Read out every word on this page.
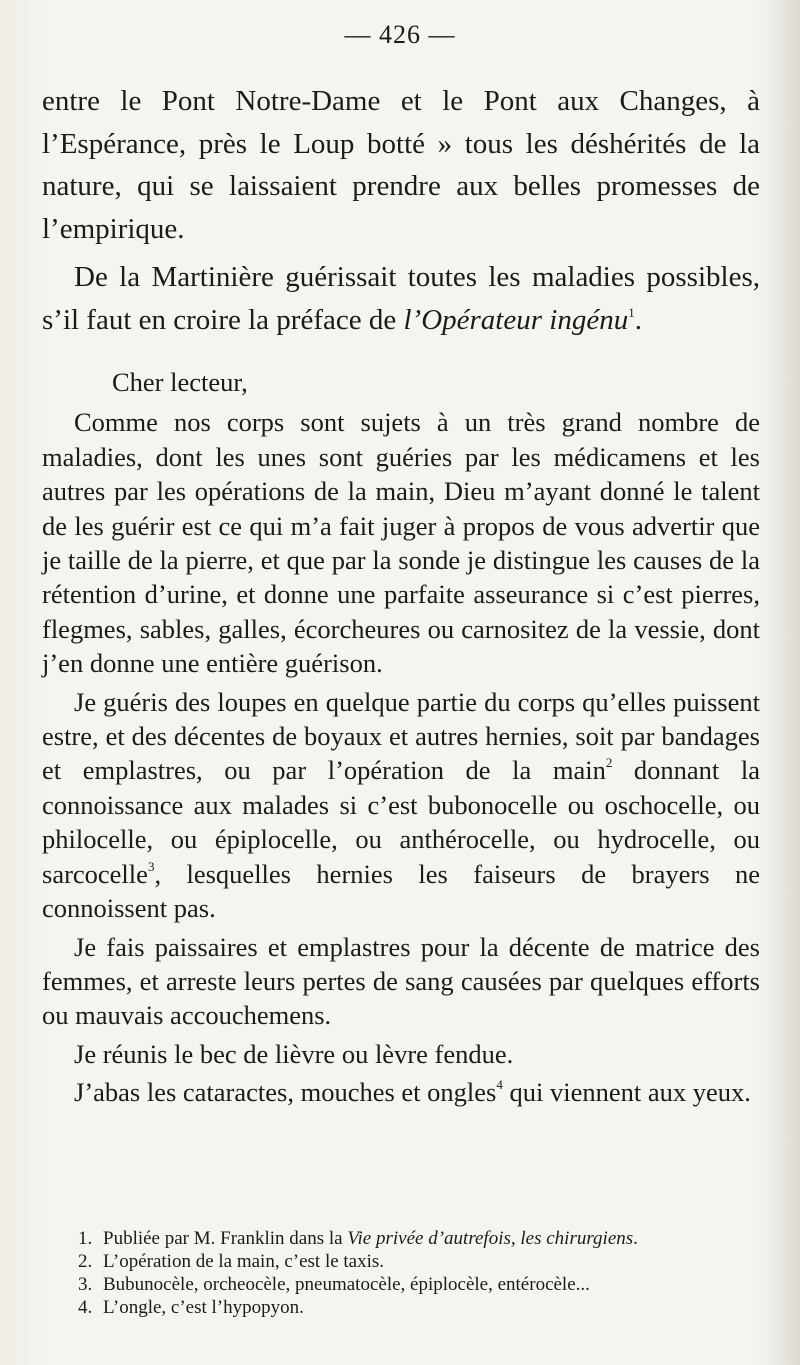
— 426 —

entre le Pont Notre-Dame et le Pont aux Changes, à l’Espérance, près le Loup botté » tous les déshérités de la nature, qui se laissaient prendre aux belles promesses de l’empirique.

De la Martinière guérissait toutes les maladies possibles, s’il faut en croire la préface de l’Opérateur ingénu$^1$.

Cher lecteur,

Comme nos corps sont sujets à un très grand nombre de maladies, dont les unes sont guéries par les médicamens et les autres par les opérations de la main, Dieu m’ayant donné le talent de les guérir est ce qui m’a fait juger à propos de vous advertir que je taille de la pierre, et que par la sonde je distingue les causes de la rétention d’urine, et donne une parfaite asseurance si c’est pierres, flegmes, sables, galles, écorcheures ou carnositez de la vessie, dont j’en donne une entière guérison.

Je guéris des loupes en quelque partie du corps qu’elles puissent estre, et des décentes de boyaux et autres hernies, soit par bandages et emplastres, ou par l’opération de la main$^2$ donnant la connoissance aux malades si c’est bubonocelle ou oschocelle, ou philocelle, ou épiplocelle, ou anthérocelle, ou hydrocelle, ou sarcocelle$^3$, lesquelles hernies les faiseurs de brayers ne connoissent pas.

Je fais paissaires et emplastres pour la décente de matrice des femmes, et arreste leurs pertes de sang causées par quelques efforts ou mauvais accouchemens.

Je réunis le bec de lièvre ou lèvre fendue.

J’abas les cataractes, mouches et ongles$^4$ qui viennent aux yeux.

1. Publiée par M. Franklin dans la Vie privée d’autrefois, les chirurgiens.

2. L’opération de la main, c’est le taxis.

3. Bubunocèle, orcheocèle, pneumatocèle, épiplocèle, entérocèle...

4. L’ongle, c’est l’hypopyon.
